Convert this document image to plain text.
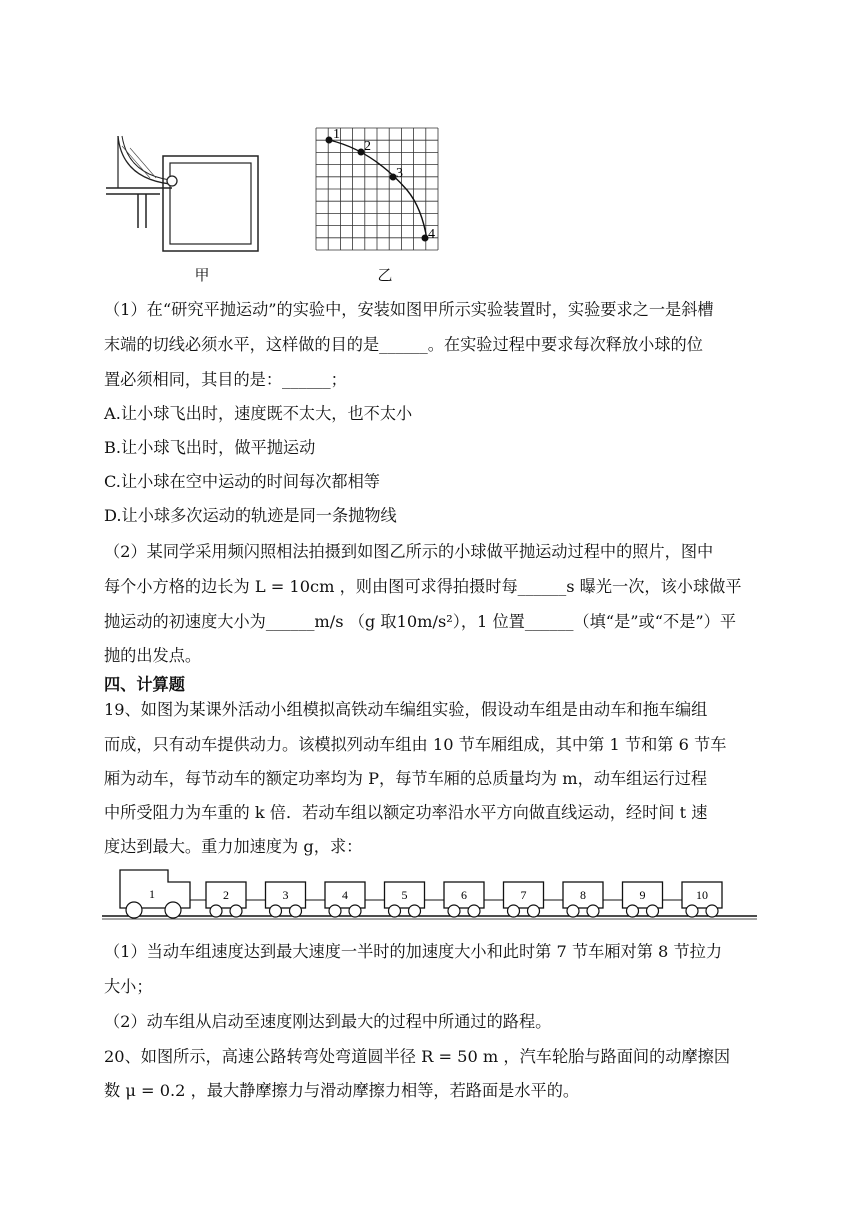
甲
1
2
3
4
乙
（1）在“研究平抛运动”的实验中，安装如图甲所示实验装置时，实验要求之一是斜槽
末端的切线必须水平，这样做的目的是______。在实验过程中要求每次释放小球的位
置必须相同，其目的是：______；
A.让小球飞出时，速度既不太大，也不太小
B.让小球飞出时，做平抛运动
C.让小球在空中运动的时间每次都相等
D.让小球多次运动的轨迹是同一条抛物线
（2）某同学采用频闪照相法拍摄到如图乙所示的小球做平抛运动过程中的照片，图中
每个小方格的边长为 L = 10cm ，则由图可求得拍摄时每______s 曝光一次，该小球做平
抛运动的初速度大小为______m/s （g 取10m/s²），1 位置______（填“是”或“不是”）平
抛的出发点。
四、计算题
19、如图为某课外活动小组模拟高铁动车编组实验，假设动车组是由动车和拖车编组
而成，只有动车提供动力。该模拟列动车组由 10 节车厢组成，其中第 1 节和第 6 节车
厢为动车，每节动车的额定功率均为 P，每节车厢的总质量均为 m，动车组运行过程
中所受阻力为车重的 k 倍．若动车组以额定功率沿水平方向做直线运动，经时间 t 速
度达到最大。重力加速度为 g，求：
1	2	3	4	5	6	7	8	9	10
（1）当动车组速度达到最大速度一半时的加速度大小和此时第 7 节车厢对第 8 节拉力
大小；
（2）动车组从启动至速度刚达到最大的过程中所通过的路程。
20、如图所示，高速公路转弯处弯道圆半径 R = 50 m ，汽车轮胎与路面间的动摩擦因
数 μ = 0.2 ，最大静摩擦力与滑动摩擦力相等，若路面是水平的。
